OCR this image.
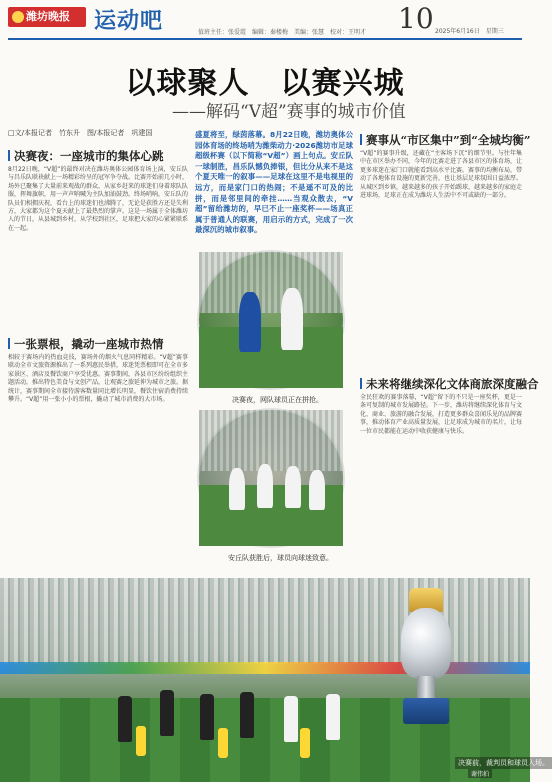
潍坊晚报	运动吧	值班主任：张爱霞　编辑：秦楼梅　美编：张慧　校对：王明才 10 2025年6月16日　星期三
以球聚人　以赛兴城
——解码“V超”赛事的城市价值
□文/本报记者　竹东升　图/本报记者　巩建国
决赛夜：一座城市的集体心跳
8月22日晚，“V超”的最终对决在潍坊奥体公园体育场上演，安丘队与昌乐队联袂献上一场精彩纷呈的冠军争夺战。比赛开始前几小时，场外已聚集了大量前来观战的群众，从家乡赶来的球迷们身着球队队服，挥舞旗帜，用一声声呐喊为主队加油鼓劲。终场哨响，安丘队的队员们相拥庆祝，看台上的球迷们也沸腾了，无论是获胜方还是失利方，大家都为这个夏天献上了最热烈的掌声。这是一场属于全体潍坊人的节日，从县城到乡村，从学校到社区，足球把大家的心紧紧联系在一起。
一张票根，撬动一座城市热情
相较于赛场内的热血竞技，赛场外的烟火气息同样精彩。“V超”赛事联动全市文旅资源推出了一系列惠民举措，球迷凭票根即可在全市多家景区、酒店及餐饮商户享受优惠。赛事期间，各县市区纷纷组织主题活动，推出特色美食与文创产品，让观赛之旅延伸为城市之旅。据统计，赛事期间全市接待游客数量同比增长明显，餐饮住宿消费持续攀升。“V超”用一张小小的票根，撬动了城市消费的大市场。
盛夏将至，绿茵落幕。8月22日晚，潍坊奥体公园体育场的终场哨为潍柴动力·2026潍坊市足球超级杯赛（以下简称“V超”）画上句点。安丘队一球制胜，昌乐队憾负捧银，但比分从来不是这个夏天唯一的叙事——足球在这里不是电视里的远方，而是家门口的热闹；不是遥不可及的比拼，而是邻里间的牵挂……当观众散去，“V超”留给潍坊的，早已不止一座奖杯——场真正属于普通人的联赛，用启示的方式，完成了一次最深沉的城市叙事。
决赛夜，网队球员正在拼抢。
安丘队获胜后，球员向球迷致意。
赛事从“市区集中”到“全城均衡”
“V超”的赛事升级，还藏在“主客场下沉”的细节里。与往年集中在市区举办不同，今年的比赛走进了各县市区的体育场，让更多球迷在家门口就能看到高水平比赛。赛事的均衡布局，带动了各地体育设施的更新完善，也让基层足球氛围日益浓厚。从城区到乡镇，越来越多的孩子开始踢球，越来越多的家庭走进球场，足球正在成为潍坊人生活中不可或缺的一部分。
未来将继续深化文体商旅深度融合
全民狂欢的赛事落幕，“V超”留下的不只是一座奖杯，更是一条可复制的城市发展路径。下一步，潍坊将继续深化体育与文化、商业、旅游的融合发展，打造更多群众喜闻乐见的品牌赛事，推动体育产业高质量发展，让足球成为城市的名片，让每一位市民都能在运动中收获健康与快乐。
决赛前，裁判员和球员入场。
谢伟拍
